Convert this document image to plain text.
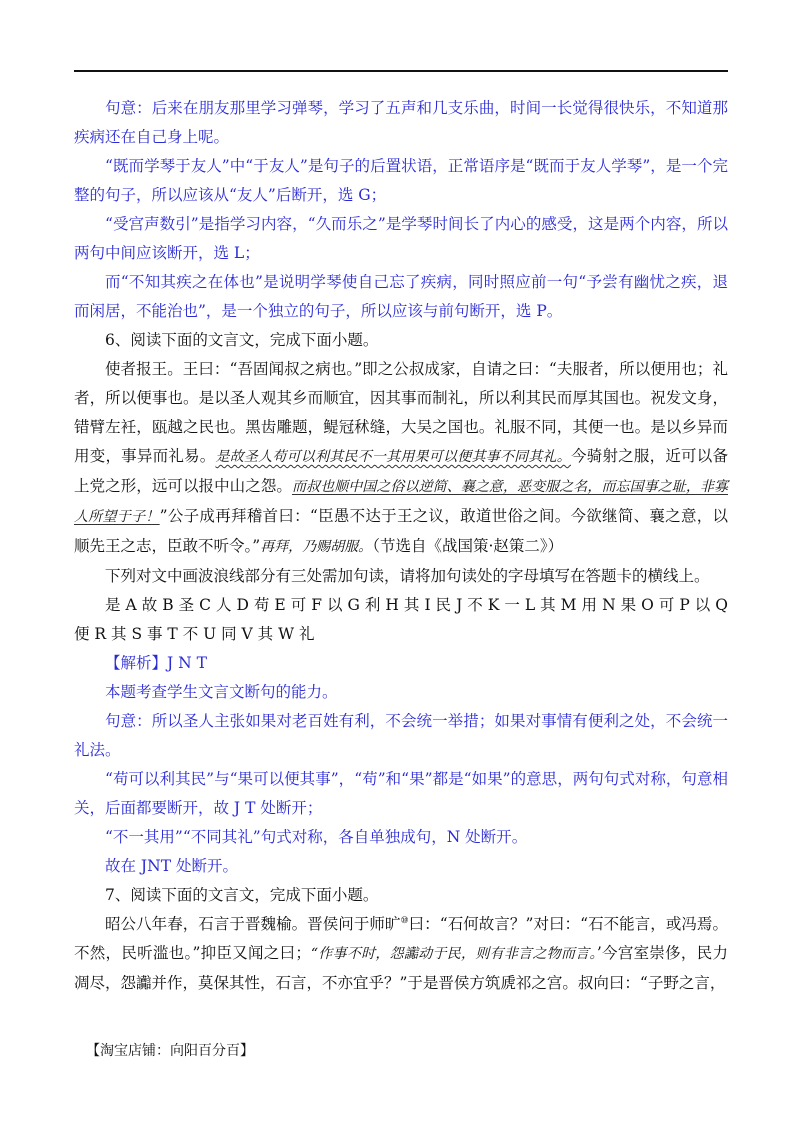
句意：后来在朋友那里学习弹琴，学习了五声和几支乐曲，时间一长觉得很快乐，不知道那疾病还在自己身上呢。

“既而学琴于友人”中“于友人”是句子的后置状语，正常语序是“既而于友人学琴”，是一个完整的句子，所以应该从“友人”后断开，选 G；

“受宫声数引”是指学习内容，“久而乐之”是学琴时间长了内心的感受，这是两个内容，所以两句中间应该断开，选 L；

而“不知其疾之在体也”是说明学琴使自己忘了疾病，同时照应前一句“予尝有幽忧之疾，退而闲居，不能治也”，是一个独立的句子，所以应该与前句断开，选 P。

6、阅读下面的文言文，完成下面小题。

使者报王。王曰：“吾固闻叔之病也。”即之公叔成家，自请之曰：“夫服者，所以便用也；礼者，所以便事也。是以圣人观其乡而顺宜，因其事而制礼，所以利其民而厚其国也。祝发文身，错臂左衽，瓯越之民也。黑齿雕题，鳀冠秫缝，大吴之国也。礼服不同，其便一也。是以乡异而用变，事异而礼易。是故圣人苟可以利其民不一其用果可以便其事不同其礼。今骑射之服，近可以备上党之形，远可以报中山之怨。而叔也顺中国之俗以逆简、襄之意，恶变服之名，而忘国事之耻，非寡人所望于子！”公子成再拜稽首曰：“臣愚不达于王之议，敢道世俗之间。今欲继简、襄之意，以顺先王之志，臣敢不听令。”再拜，乃赐胡服。（节选自《战国策·赵策二》）

下列对文中画波浪线部分有三处需加句读，请将加句读处的字母填写在答题卡的横线上。

是 A 故 B 圣 C 人 D 苟 E 可 F 以 G 利 H 其 I 民 J 不 K 一 L 其 M 用 N 果 O 可 P 以 Q 便 R 其 S 事 T 不 U 同 V 其 W 礼

【解析】J N T

本题考查学生文言文断句的能力。

句意：所以圣人主张如果对老百姓有利，不会统一举措；如果对事情有便利之处，不会统一礼法。

“苟可以利其民”与“果可以便其事”，“苟”和“果”都是“如果”的意思，两句句式对称，句意相关，后面都要断开，故 J T 处断开；

“不一其用”“不同其礼”句式对称，各自单独成句，N 处断开。

故在 JNT 处断开。

7、阅读下面的文言文，完成下面小题。

昭公八年春，石言于晋魏榆。晋侯问于师旷⑩曰：“石何故言？”对曰：“石不能言，或冯焉。不然，民听滥也。”抑臣又闻之曰；“作事不时，怨讟动于民，则有非言之物而言。’今宫室崇侈，民力凋尽，怨讟并作，莫保其性，石言，不亦宜乎？”于是晋侯方筑虒祁之宫。叔向曰：“子野之言，

【淘宝店铺：向阳百分百】
